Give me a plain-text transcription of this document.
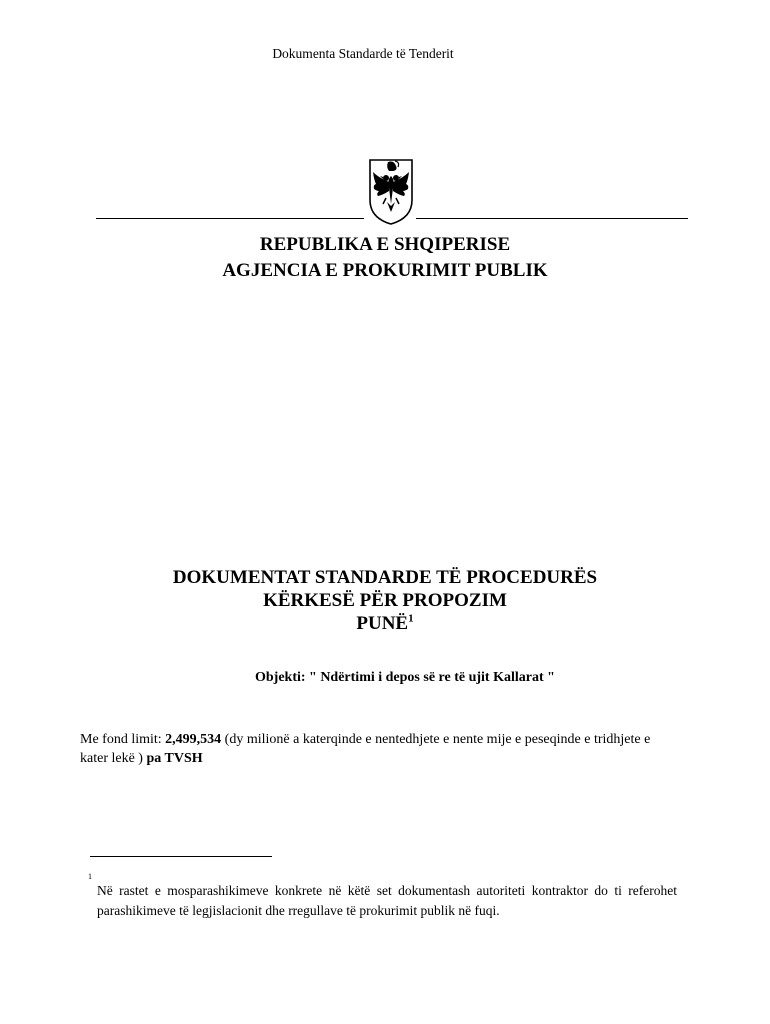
Dokumenta Standarde të Tenderit
REPUBLIKA E SHQIPERISE
AGJENCIA E PROKURIMIT PUBLIK
DOKUMENTAT STANDARDE TË PROCEDURËS
KËRKESË PËR PROPOZIM
PUNË$^1$
Objekti: " Ndërtimi i depos së re të ujit Kallarat "
Me fond limit: 2,499,534 (dy milionë a katerqinde e nentedhjete e nente mije e peseqinde e tridhjete e kater lekë ) pa TVSH
1
Në rastet e mosparashikimeve konkrete në këtë set dokumentash autoriteti kontraktor do ti referohet parashikimeve të legjislacionit dhe rregullave të prokurimit publik në fuqi.
